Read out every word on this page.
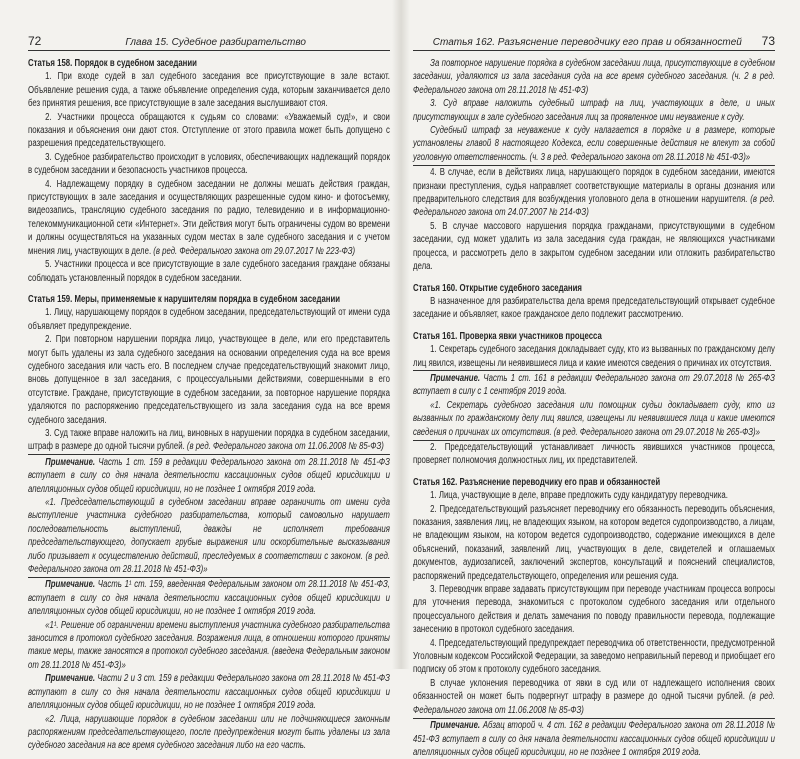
72	Глава 15. Судебное разбирательство

Статья 158. Порядок в судебном заседании

1. При входе судей в зал судебного заседания все присутствующие в зале встают. Объявление решения суда, а также объявление определения суда, которым заканчивается дело без принятия решения, все присутствующие в зале заседания выслушивают стоя.

2. Участники процесса обращаются к судьям со словами: «Уважаемый суд!», и свои показания и объяснения они дают стоя. Отступление от этого правила может быть допущено с разрешения председательствующего.

3. Судебное разбирательство происходит в условиях, обеспечивающих надлежащий порядок в судебном заседании и безопасность участников процесса.

4. Надлежащему порядку в судебном заседании не должны мешать действия граждан, присутствующих в зале заседания и осуществляющих разрешенные судом кино- и фотосъемку, видеозапись, трансляцию судебного заседания по радио, телевидению и в информационно-телекоммуникационной сети «Интернет». Эти действия могут быть ограничены судом во времени и должны осуществляться на указанных судом местах в зале судебного заседания и с учетом мнения лиц, участвующих в деле. (в ред. Федерального закона от 29.07.2017 № 223-ФЗ)

5. Участники процесса и все присутствующие в зале судебного заседания граждане обязаны соблюдать установленный порядок в судебном заседании.

Статья 159. Меры, применяемые к нарушителям порядка в судебном заседании

1. Лицу, нарушающему порядок в судебном заседании, председательствующий от имени суда объявляет предупреждение.

2. При повторном нарушении порядка лицо, участвующее в деле, или его представитель могут быть удалены из зала судебного заседания на основании определения суда на все время судебного заседания или часть его. В последнем случае председательствующий знакомит лицо, вновь допущенное в зал заседания, с процессуальными действиями, совершенными в его отсутствие. Граждане, присутствующие в судебном заседании, за повторное нарушение порядка удаляются по распоряжению председательствующего из зала заседания суда на все время судебного заседания.

3. Суд также вправе наложить на лиц, виновных в нарушении порядка в судебном заседании, штраф в размере до одной тысячи рублей. (в ред. Федерального закона от 11.06.2008 № 85-ФЗ)

Примечание. Часть 1 ст. 159 в редакции Федерального закона от 28.11.2018 № 451-ФЗ вступает в силу со дня начала деятельности кассационных судов общей юрисдикции и апелляционных судов общей юрисдикции, но не позднее 1 октября 2019 года.

«1. Председательствующий в судебном заседании вправе ограничить от имени суда выступление участника судебного разбирательства, который самовольно нарушает последовательность выступлений, дважды не исполняет требования председательствующего, допускает грубые выражения или оскорбительные высказывания либо призывает к осуществлению действий, преследуемых в соответствии с законом. (в ред. Федерального закона от 28.11.2018 № 451-ФЗ)»

Примечание. Часть 1¹ ст. 159, введенная Федеральным законом от 28.11.2018 № 451-ФЗ, вступает в силу со дня начала деятельности кассационных судов общей юрисдикции и апелляционных судов общей юрисдикции, но не позднее 1 октября 2019 года.

«1¹. Решение об ограничении времени выступления участника судебного разбирательства заносится в протокол судебного заседания. Возражения лица, в отношении которого приняты такие меры, также заносятся в протокол судебного заседания. (введена Федеральным законом от 28.11.2018 № 451-ФЗ)»

Примечание. Части 2 и 3 ст. 159 в редакции Федерального закона от 28.11.2018 № 451-ФЗ вступают в силу со дня начала деятельности кассационных судов общей юрисдикции и апелляционных судов общей юрисдикции, но не позднее 1 октября 2019 года.

«2. Лица, нарушающие порядок в судебном заседании или не подчиняющиеся законным распоряжениям председательствующего, после предупреждения могут быть удалены из зала судебного заседания на все время судебного заседания либо на его часть.

Статья 162. Разъяснение переводчику его прав и обязанностей	73

За повторное нарушение порядка в судебном заседании лица, присутствующие в судебном заседании, удаляются из зала заседания суда на все время судебного заседания. (ч. 2 в ред. Федерального закона от 28.11.2018 № 451-ФЗ)

3. Суд вправе наложить судебный штраф на лиц, участвующих в деле, и иных присутствующих в зале судебного заседания лиц за проявленное ими неуважение к суду.

Судебный штраф за неуважение к суду налагается в порядке и в размере, которые установлены главой 8 настоящего Кодекса, если совершенные действия не влекут за собой уголовную ответственность. (ч. 3 в ред. Федерального закона от 28.11.2018 № 451-ФЗ)»

4. В случае, если в действиях лица, нарушающего порядок в судебном заседании, имеются признаки преступления, судья направляет соответствующие материалы в органы дознания или предварительного следствия для возбуждения уголовного дела в отношении нарушителя. (в ред. Федерального закона от 24.07.2007 № 214-ФЗ)

5. В случае массового нарушения порядка гражданами, присутствующими в судебном заседании, суд может удалить из зала заседания суда граждан, не являющихся участниками процесса, и рассмотреть дело в закрытом судебном заседании или отложить разбирательство дела.

Статья 160. Открытие судебного заседания

В назначенное для разбирательства дела время председательствующий открывает судебное заседание и объявляет, какое гражданское дело подлежит рассмотрению.

Статья 161. Проверка явки участников процесса

1. Секретарь судебного заседания докладывает суду, кто из вызванных по гражданскому делу лиц явился, извещены ли неявившиеся лица и какие имеются сведения о причинах их отсутствия.

Примечание. Часть 1 ст. 161 в редакции Федерального закона от 29.07.2018 № 265-ФЗ вступает в силу с 1 сентября 2019 года.

«1. Секретарь судебного заседания или помощник судьи докладывает суду, кто из вызванных по гражданскому делу лиц явился, извещены ли неявившиеся лица и какие имеются сведения о причинах их отсутствия. (в ред. Федерального закона от 29.07.2018 № 265-ФЗ)»

2. Председательствующий устанавливает личность явившихся участников процесса, проверяет полномочия должностных лиц, их представителей.

Статья 162. Разъяснение переводчику его прав и обязанностей

1. Лица, участвующие в деле, вправе предложить суду кандидатуру переводчика.

2. Председательствующий разъясняет переводчику его обязанность переводить объяснения, показания, заявления лиц, не владеющих языком, на котором ведется судопроизводство, а лицам, не владеющим языком, на котором ведется судопроизводство, содержание имеющихся в деле объяснений, показаний, заявлений лиц, участвующих в деле, свидетелей и оглашаемых документов, аудиозаписей, заключений экспертов, консультаций и пояснений специалистов, распоряжений председательствующего, определения или решения суда.

3. Переводчик вправе задавать присутствующим при переводе участникам процесса вопросы для уточнения перевода, знакомиться с протоколом судебного заседания или отдельного процессуального действия и делать замечания по поводу правильности перевода, подлежащие занесению в протокол судебного заседания.

4. Председательствующий предупреждает переводчика об ответственности, предусмотренной Уголовным кодексом Российской Федерации, за заведомо неправильный перевод и приобщает его подписку об этом к протоколу судебного заседания.

В случае уклонения переводчика от явки в суд или от надлежащего исполнения своих обязанностей он может быть подвергнут штрафу в размере до одной тысячи рублей. (в ред. Федерального закона от 11.06.2008 № 85-ФЗ)

Примечание. Абзац второй ч. 4 ст. 162 в редакции Федерального закона от 28.11.2018 № 451-ФЗ вступает в силу со дня начала деятельности кассационных судов общей юрисдикции и апелляционных судов общей юрисдикции, но не позднее 1 октября 2019 года.
